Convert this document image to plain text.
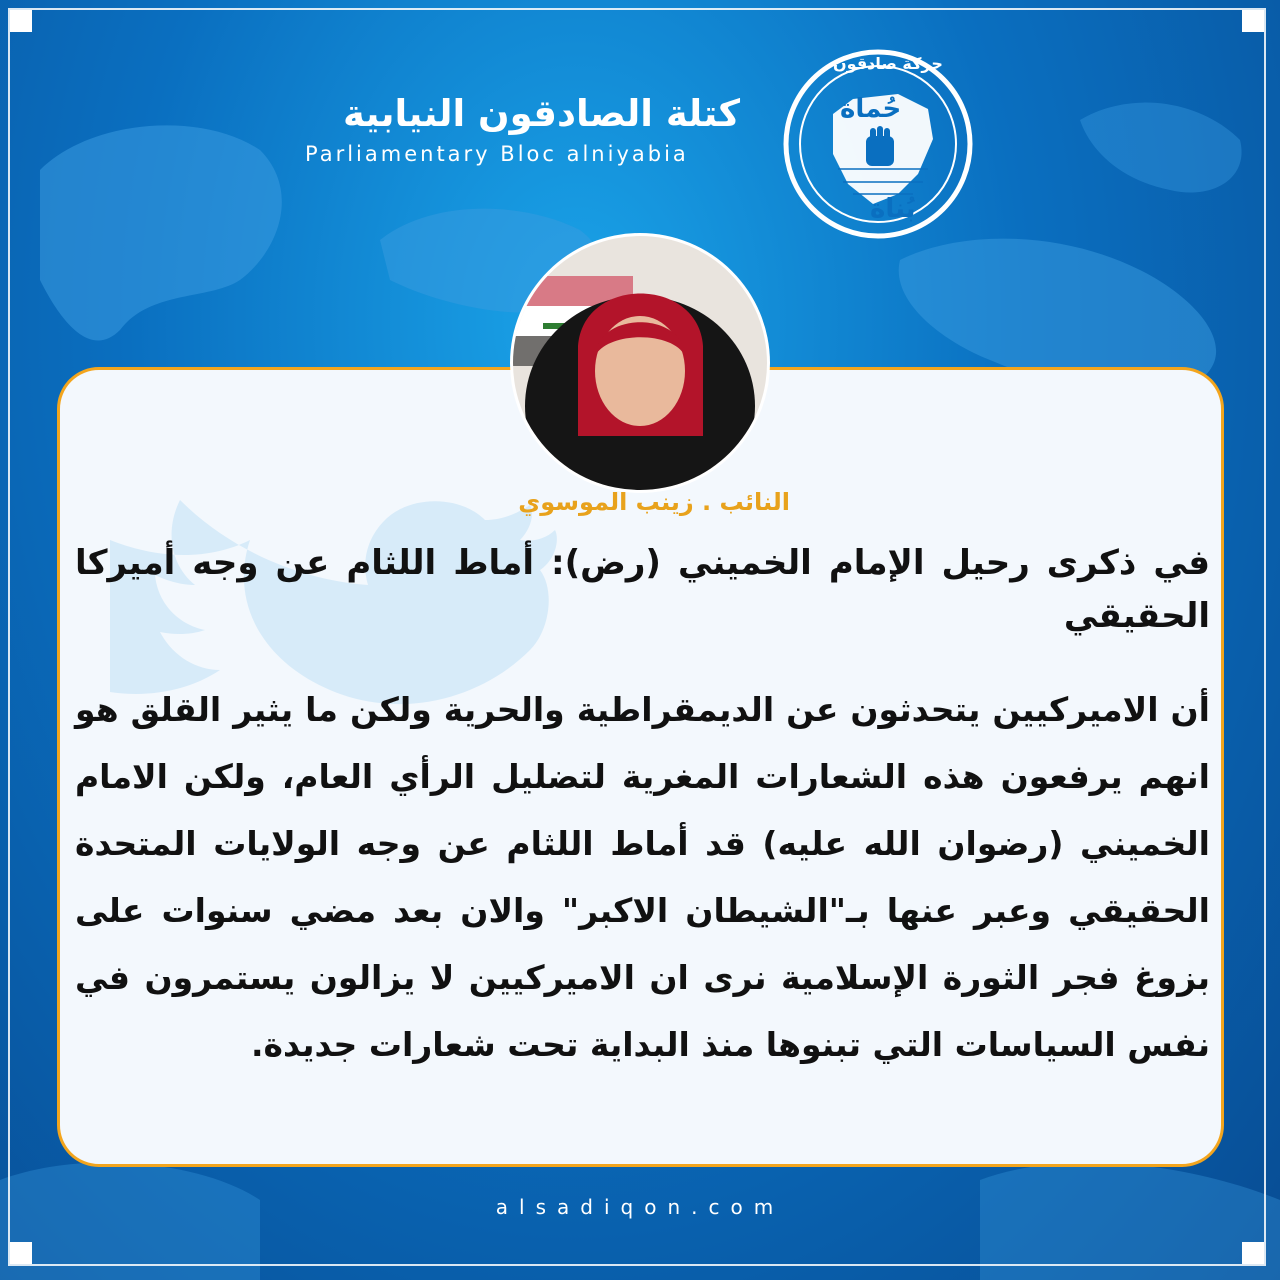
كتلة الصادقون النيابية
Parliamentary Bloc alniyabia
حركة صادقون
حُماة
بُناة
النائب . زينب الموسوي
في ذكرى رحيل الإمام الخميني (رض): أماط اللثام عن وجه أميركا الحقيقي
أن الاميركيين يتحدثون عن الديمقراطية والحرية ولكن ما يثير القلق هو انهم يرفعون هذه الشعارات المغرية لتضليل الرأي العام، ولكن الامام الخميني (رضوان الله عليه) قد أماط اللثام عن وجه الولايات المتحدة الحقيقي وعبر عنها بـ"الشيطان الاكبر" والان بعد مضي سنوات على بزوغ فجر الثورة الإسلامية نرى ان الاميركيين لا يزالون يستمرون في نفس السياسات التي تبنوها منذ البداية تحت شعارات جديدة.
alsadiqon.com
